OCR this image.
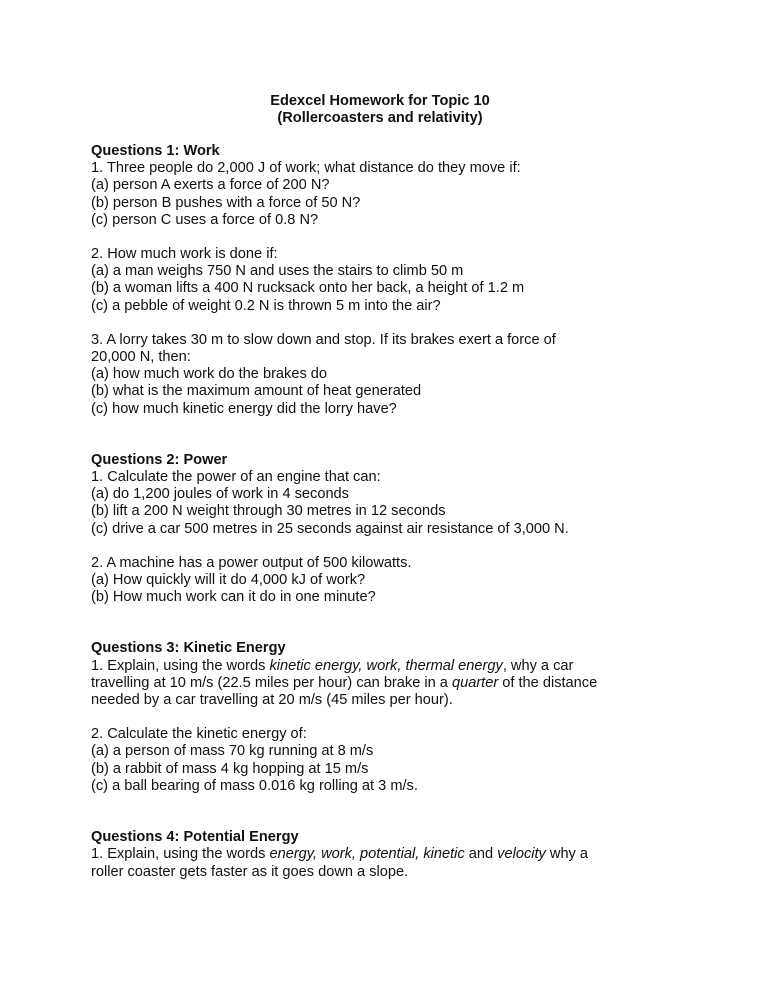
Edexcel Homework for Topic 10
(Rollercoasters and relativity)
Questions 1: Work
1. Three people do 2,000 J of work; what distance do they move if:
(a) person A exerts a force of 200 N?
(b) person B pushes with a force of 50 N?
(c) person C uses a force of 0.8 N?
2. How much work is done if:
(a) a man weighs 750 N and uses the stairs to climb 50 m
(b) a woman lifts a 400 N rucksack onto her back, a height of 1.2 m
(c) a pebble of weight 0.2 N is thrown 5 m into the air?
3. A lorry takes 30 m to slow down and stop. If its brakes exert a force of
20,000 N, then:
(a) how much work do the brakes do
(b) what is the maximum amount of heat generated
(c) how much kinetic energy did the lorry have?
Questions 2: Power
1. Calculate the power of an engine that can:
(a) do 1,200 joules of work in 4 seconds
(b) lift a 200 N weight through 30 metres in 12 seconds
(c) drive a car 500 metres in 25 seconds against air resistance of 3,000 N.
2. A machine has a power output of 500 kilowatts.
(a) How quickly will it do 4,000 kJ of work?
(b) How much work can it do in one minute?
Questions 3: Kinetic Energy
1. Explain, using the words kinetic energy, work, thermal energy, why a car
travelling at 10 m/s (22.5 miles per hour) can brake in a quarter of the distance
needed by a car travelling at 20 m/s (45 miles per hour).
2. Calculate the kinetic energy of:
(a) a person of mass 70 kg running at 8 m/s
(b) a rabbit of mass 4 kg hopping at 15 m/s
(c) a ball bearing of mass 0.016 kg rolling at 3 m/s.
Questions 4: Potential Energy
1. Explain, using the words energy, work, potential, kinetic and velocity why a
roller coaster gets faster as it goes down a slope.
